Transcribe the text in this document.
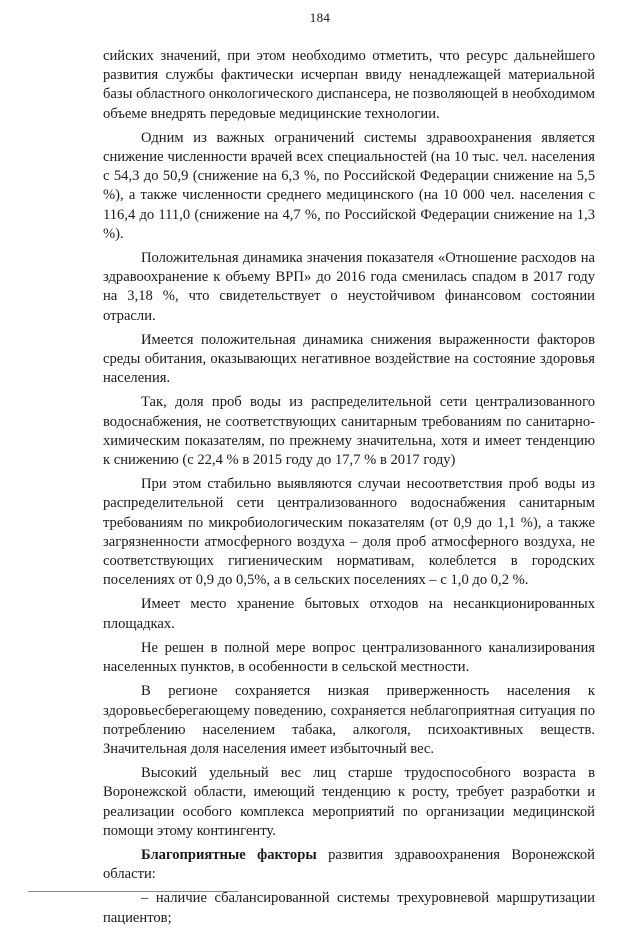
184

сийских значений, при этом необходимо отметить, что ресурс дальнейшего развития службы фактически исчерпан ввиду ненадлежащей материальной базы областного онкологического диспансера, не позволяющей в необходимом объеме внедрять передовые медицинские технологии.

Одним из важных ограничений системы здравоохранения является снижение численности врачей всех специальностей (на 10 тыс. чел. населения с 54,3 до 50,9 (снижение на 6,3 %, по Российской Федерации снижение на 5,5 %), а также численности среднего медицинского (на 10 000 чел. населения с 116,4 до 111,0 (снижение на 4,7 %, по Российской Федерации снижение на 1,3 %).

Положительная динамика значения показателя «Отношение расходов на здравоохранение к объему ВРП» до 2016 года сменилась спадом в 2017 году на 3,18 %, что свидетельствует о неустойчивом финансовом состоянии отрасли.

Имеется положительная динамика снижения выраженности факторов среды обитания, оказывающих негативное воздействие на состояние здоровья населения.

Так, доля проб воды из распределительной сети централизованного водоснабжения, не соответствующих санитарным требованиям по санитарно-химическим показателям, по прежнему значительна, хотя и имеет тенденцию к снижению (с 22,4 % в 2015 году до 17,7 % в 2017 году)

При этом стабильно выявляются случаи несоответствия проб воды из распределительной сети централизованного водоснабжения санитарным требованиям по микробиологическим показателям (от 0,9 до 1,1 %), а также загрязненности атмосферного воздуха – доля проб атмосферного воздуха, не соответствующих гигиеническим нормативам, колеблется в городских поселениях от 0,9 до 0,5%, а в сельских поселениях – с 1,0 до 0,2 %.

Имеет место хранение бытовых отходов на несанкционированных площадках.

Не решен в полной мере вопрос централизованного канализирования населенных пунктов, в особенности в сельской местности.

В регионе сохраняется низкая приверженность населения к здоровьесберегающему поведению, сохраняется неблагоприятная ситуация по потреблению населением табака, алкоголя, психоактивных веществ. Значительная доля населения имеет избыточный вес.

Высокий удельный вес лиц старше трудоспособного возраста в Воронежской области, имеющий тенденцию к росту, требует разработки и реализации особого комплекса мероприятий по организации медицинской помощи этому контингенту.

Благоприятные факторы развития здравоохранения Воронежской области:

– наличие сбалансированной системы трехуровневой маршрутизации пациентов;
